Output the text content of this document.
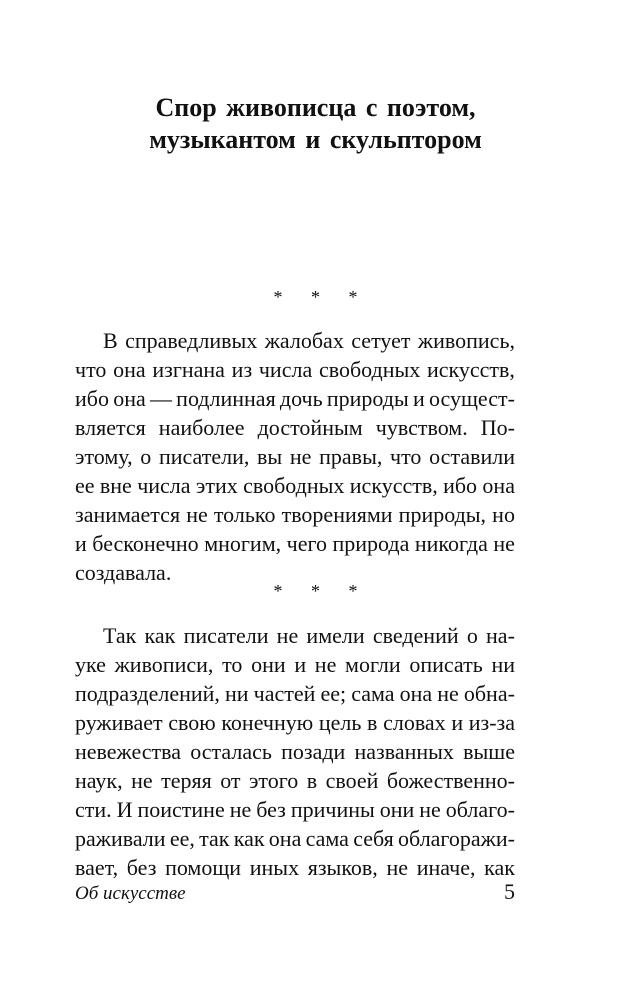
Спор живописца с поэтом,
музыкантом и скульптором
* * *
В справедливых жалобах сетует живопись,
что она изгнана из числа свободных искусств,
ибо она — подлинная дочь природы и осущест-
вляется наиболее достойным чувством. По-
этому, о писатели, вы не правы, что оставили
ее вне числа этих свободных искусств, ибо она
занимается не только творениями природы, но
и бесконечно многим, чего природа никогда не
создавала.
* * *
Так как писатели не имели сведений о на-
уке живописи, то они и не могли описать ни
подразделений, ни частей ее; сама она не обна-
руживает свою конечную цель в словах и из-за
невежества осталась позади названных выше
наук, не теряя от этого в своей божественно-
сти. И поистине не без причины они не облаго-
раживали ее, так как она сама себя облагоражи-
вает, без помощи иных языков, не иначе, как
Об искусстве	5
